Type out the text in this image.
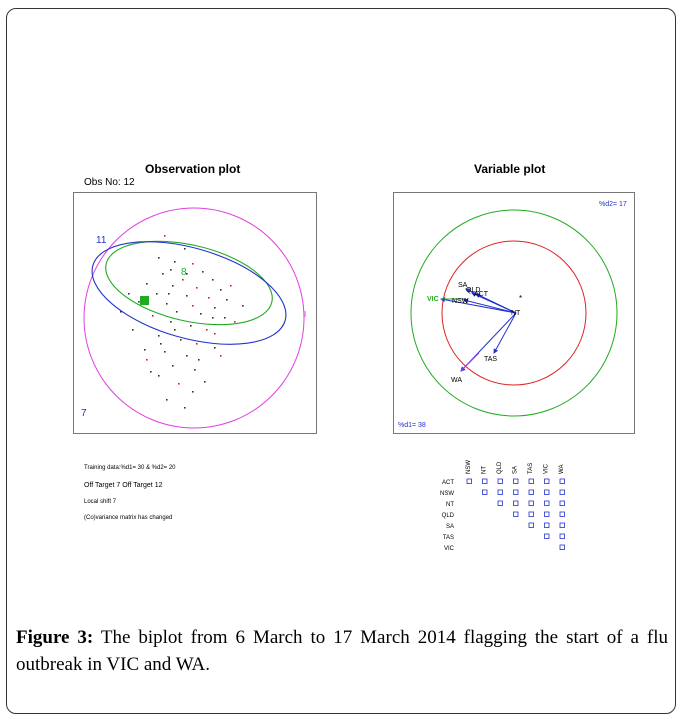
Observation plot
Obs No: 12
11
8
7
I
Variable plot
SA
QLD
ACT
NSW
VIC
NT
TAS
WA
*
%d2= 17
%d1= 38
Training data:%d1= 30 & %d2= 20
Off Target 7 Off Target 12
Local shift 7
(Co)variance matrix has changed
NSW NT QLD SA TAS VIC WA
ACT
NSW
NT
QLD
SA
TAS
VIC
Figure 3: The biplot from 6 March to 17 March 2014 flagging the start of a flu outbreak in VIC and WA.
